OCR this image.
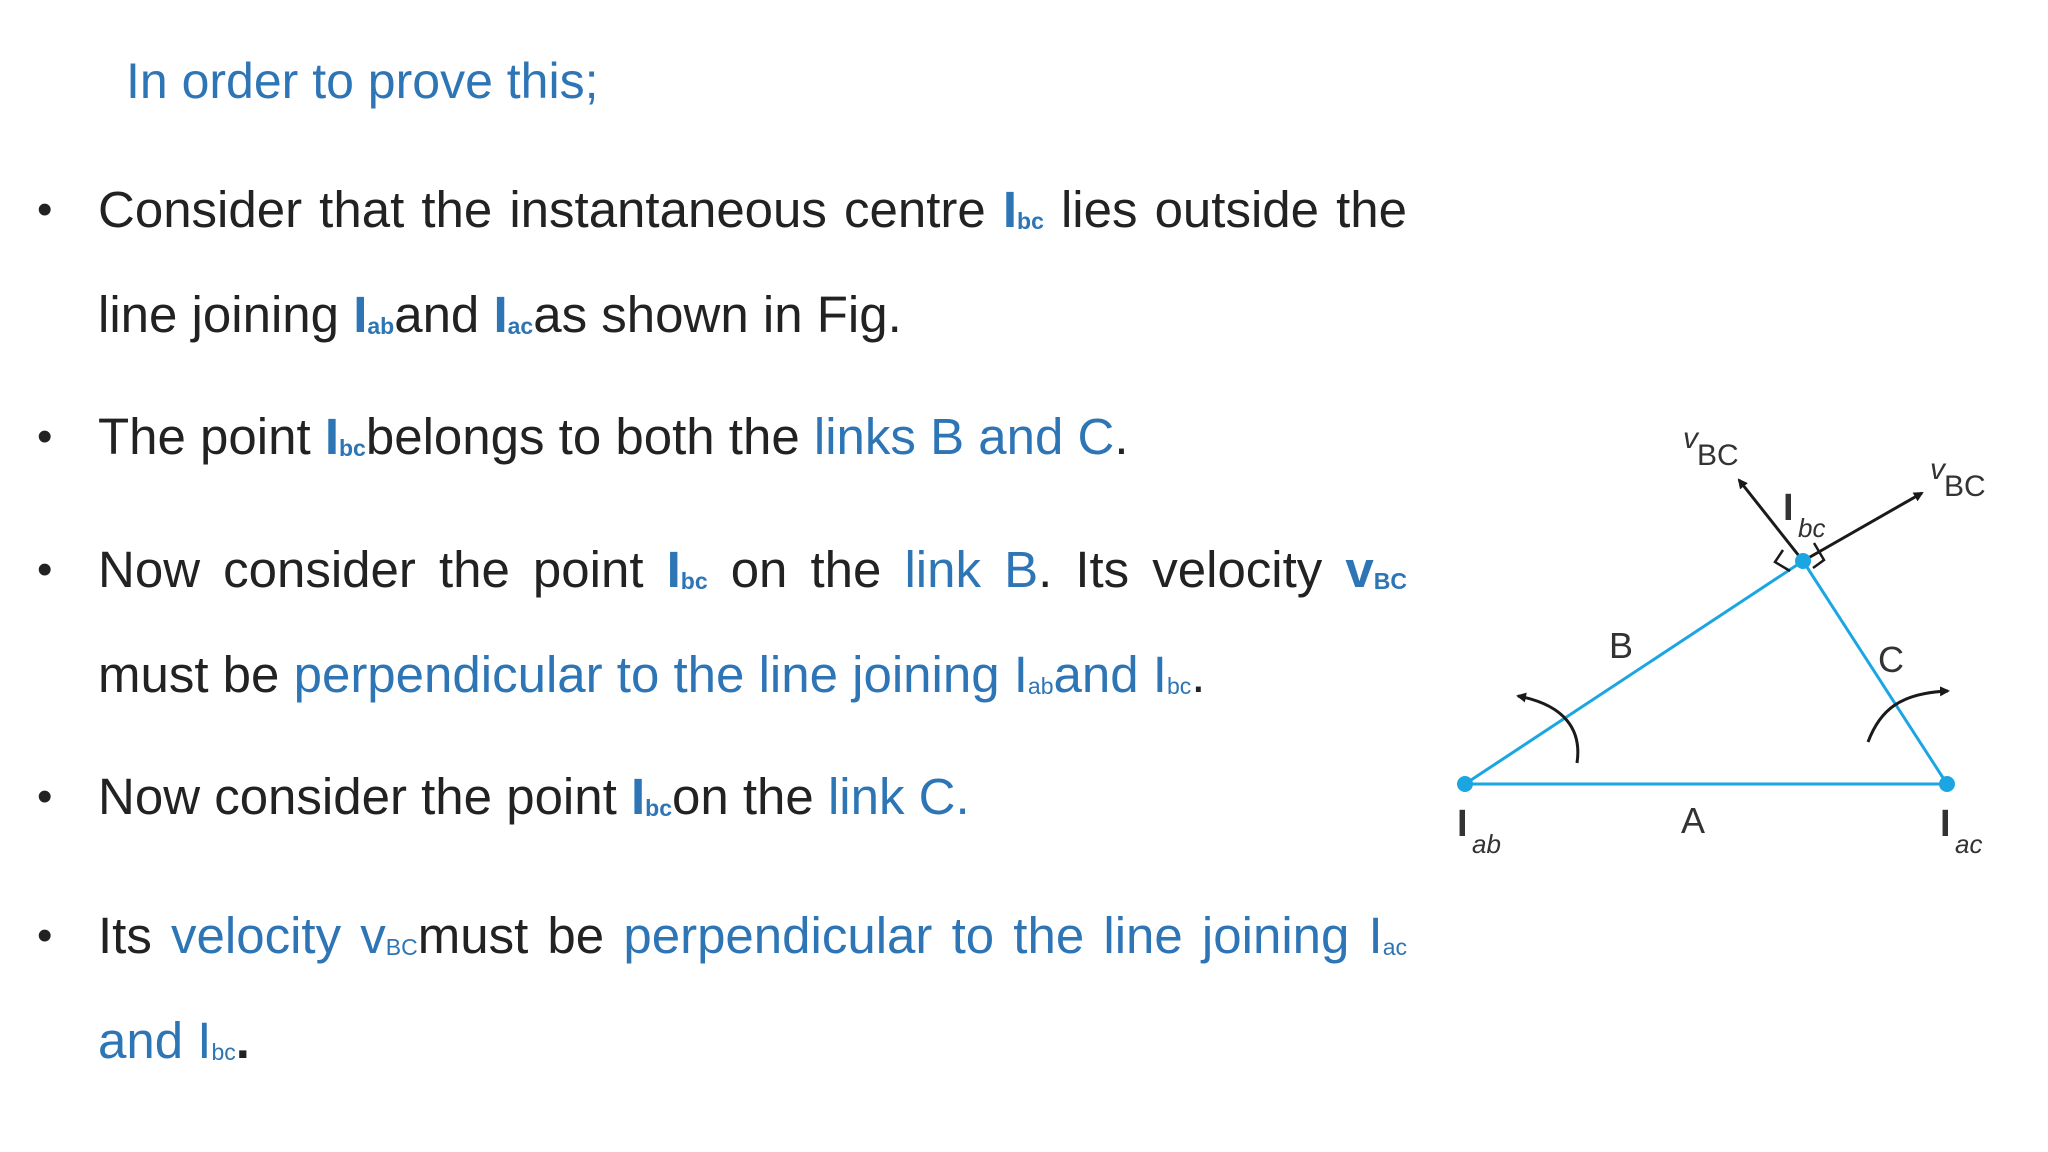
In order to prove this;
• Consider that the instantaneous centre $I_{bc}$ lies outside the
line joining $I_{ab}and$ $I_{ac}as$ shown in Fig.
• The point $I_{bc}belongs$ to both the links B and C.
• Now consider the point $I_{bc}$ on the link B. Its velocity $v_{BC}$
must be perpendicular to the line joining $I_{ab}and$ $I_{bc}$.
• Now consider the point $I_{bc}on$ the link C.
• Its velocity $v_{BC}must$ be perpendicular to the line joining $I_{ac}$
and $I_{bc}$.
I ab	I ac
I bc
v
BC	v
BC
A
B	C
